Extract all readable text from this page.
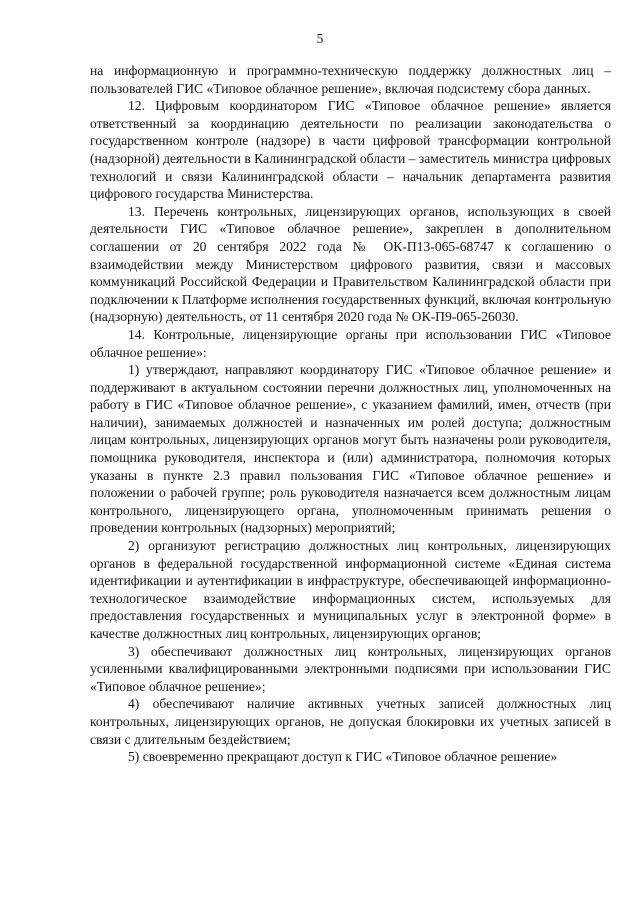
5

на информационную и программно-техническую поддержку должностных лиц – пользователей ГИС «Типовое облачное решение», включая подсистему сбора данных.

12. Цифровым координатором ГИС «Типовое облачное решение» является ответственный за координацию деятельности по реализации законодательства о государственном контроле (надзоре) в части цифровой трансформации контрольной (надзорной) деятельности в Калининградской области – заместитель министра цифровых технологий и связи Калининградской области – начальник департамента развития цифрового государства Министерства.

13. Перечень контрольных, лицензирующих органов, использующих в своей деятельности ГИС «Типовое облачное решение», закреплен в дополнительном соглашении от 20 сентября 2022 года № ОК-П13-065-68747 к соглашению о взаимодействии между Министерством цифрового развития, связи и массовых коммуникаций Российской Федерации и Правительством Калининградской области при подключении к Платформе исполнения государственных функций, включая контрольную (надзорную) деятельность, от 11 сентября 2020 года № ОК-П9-065-26030.

14. Контрольные, лицензирующие органы при использовании ГИС «Типовое облачное решение»:

1) утверждают, направляют координатору ГИС «Типовое облачное решение» и поддерживают в актуальном состоянии перечни должностных лиц, уполномоченных на работу в ГИС «Типовое облачное решение», с указанием фамилий, имен, отчеств (при наличии), занимаемых должностей и назначенных им ролей доступа; должностным лицам контрольных, лицензирующих органов могут быть назначены роли руководителя, помощника руководителя, инспектора и (или) администратора, полномочия которых указаны в пункте 2.3 правил пользования ГИС «Типовое облачное решение» и положении о рабочей группе; роль руководителя назначается всем должностным лицам контрольного, лицензирующего органа, уполномоченным принимать решения о проведении контрольных (надзорных) мероприятий;

2) организуют регистрацию должностных лиц контрольных, лицензирующих органов в федеральной государственной информационной системе «Единая система идентификации и аутентификации в инфраструктуре, обеспечивающей информационно-технологическое взаимодействие информационных систем, используемых для предоставления государственных и муниципальных услуг в электронной форме» в качестве должностных лиц контрольных, лицензирующих органов;

3) обеспечивают должностных лиц контрольных, лицензирующих органов усиленными квалифицированными электронными подписями при использовании ГИС «Типовое облачное решение»;

4) обеспечивают наличие активных учетных записей должностных лиц контрольных, лицензирующих органов, не допуская блокировки их учетных записей в связи с длительным бездействием;

5) своевременно прекращают доступ к ГИС «Типовое облачное решение»
